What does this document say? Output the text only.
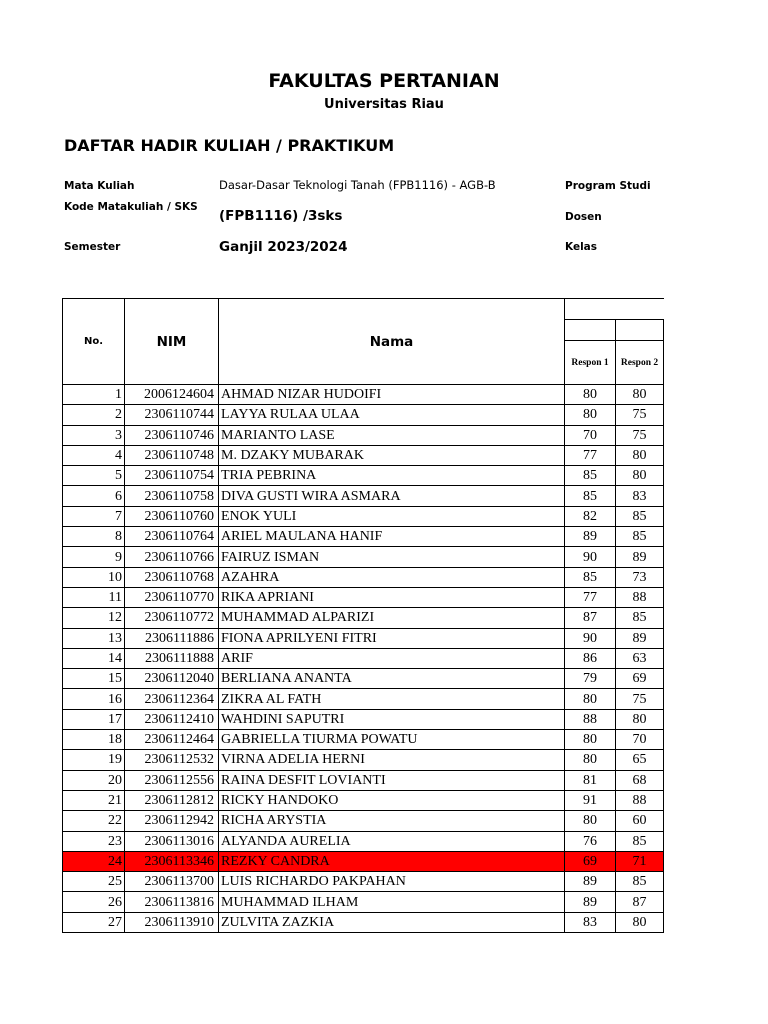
FAKULTAS PERTANIAN
Universitas Riau
DAFTAR HADIR KULIAH / PRAKTIKUM
Mata Kuliah	Dasar-Dasar Teknologi Tanah (FPB1116) - AGB-B	Program Studi
Kode Matakuliah / SKS
(FPB1116) /3sks	Dosen
Semester	Ganjil 2023/2024	Kelas
No.	NIM	Nama		

			Respon 1	Respon 2
1	2006124604	AHMAD NIZAR HUDOIFI	80	80
2	2306110744	LAYYA RULAA ULAA	80	75
3	2306110746	MARIANTO LASE	70	75
4	2306110748	M. DZAKY MUBARAK	77	80
5	2306110754	TRIA PEBRINA	85	80
6	2306110758	DIVA GUSTI WIRA ASMARA	85	83
7	2306110760	ENOK YULI	82	85
8	2306110764	ARIEL MAULANA HANIF	89	85
9	2306110766	FAIRUZ ISMAN	90	89
10	2306110768	AZAHRA	85	73
11	2306110770	RIKA APRIANI	77	88
12	2306110772	MUHAMMAD ALPARIZI	87	85
13	2306111886	FIONA APRILYENI FITRI	90	89
14	2306111888	ARIF	86	63
15	2306112040	BERLIANA ANANTA	79	69
16	2306112364	ZIKRA AL FATH	80	75
17	2306112410	WAHDINI SAPUTRI	88	80
18	2306112464	GABRIELLA TIURMA POWATU	80	70
19	2306112532	VIRNA ADELIA HERNI	80	65
20	2306112556	RAINA DESFIT LOVIANTI	81	68
21	2306112812	RICKY HANDOKO	91	88
22	2306112942	RICHA ARYSTIA	80	60
23	2306113016	ALYANDA AURELIA	76	85
24	2306113346	REZKY CANDRA	69	71
25	2306113700	LUIS RICHARDO PAKPAHAN	89	85
26	2306113816	MUHAMMAD ILHAM	89	87
27	2306113910	ZULVITA ZAZKIA	83	80
